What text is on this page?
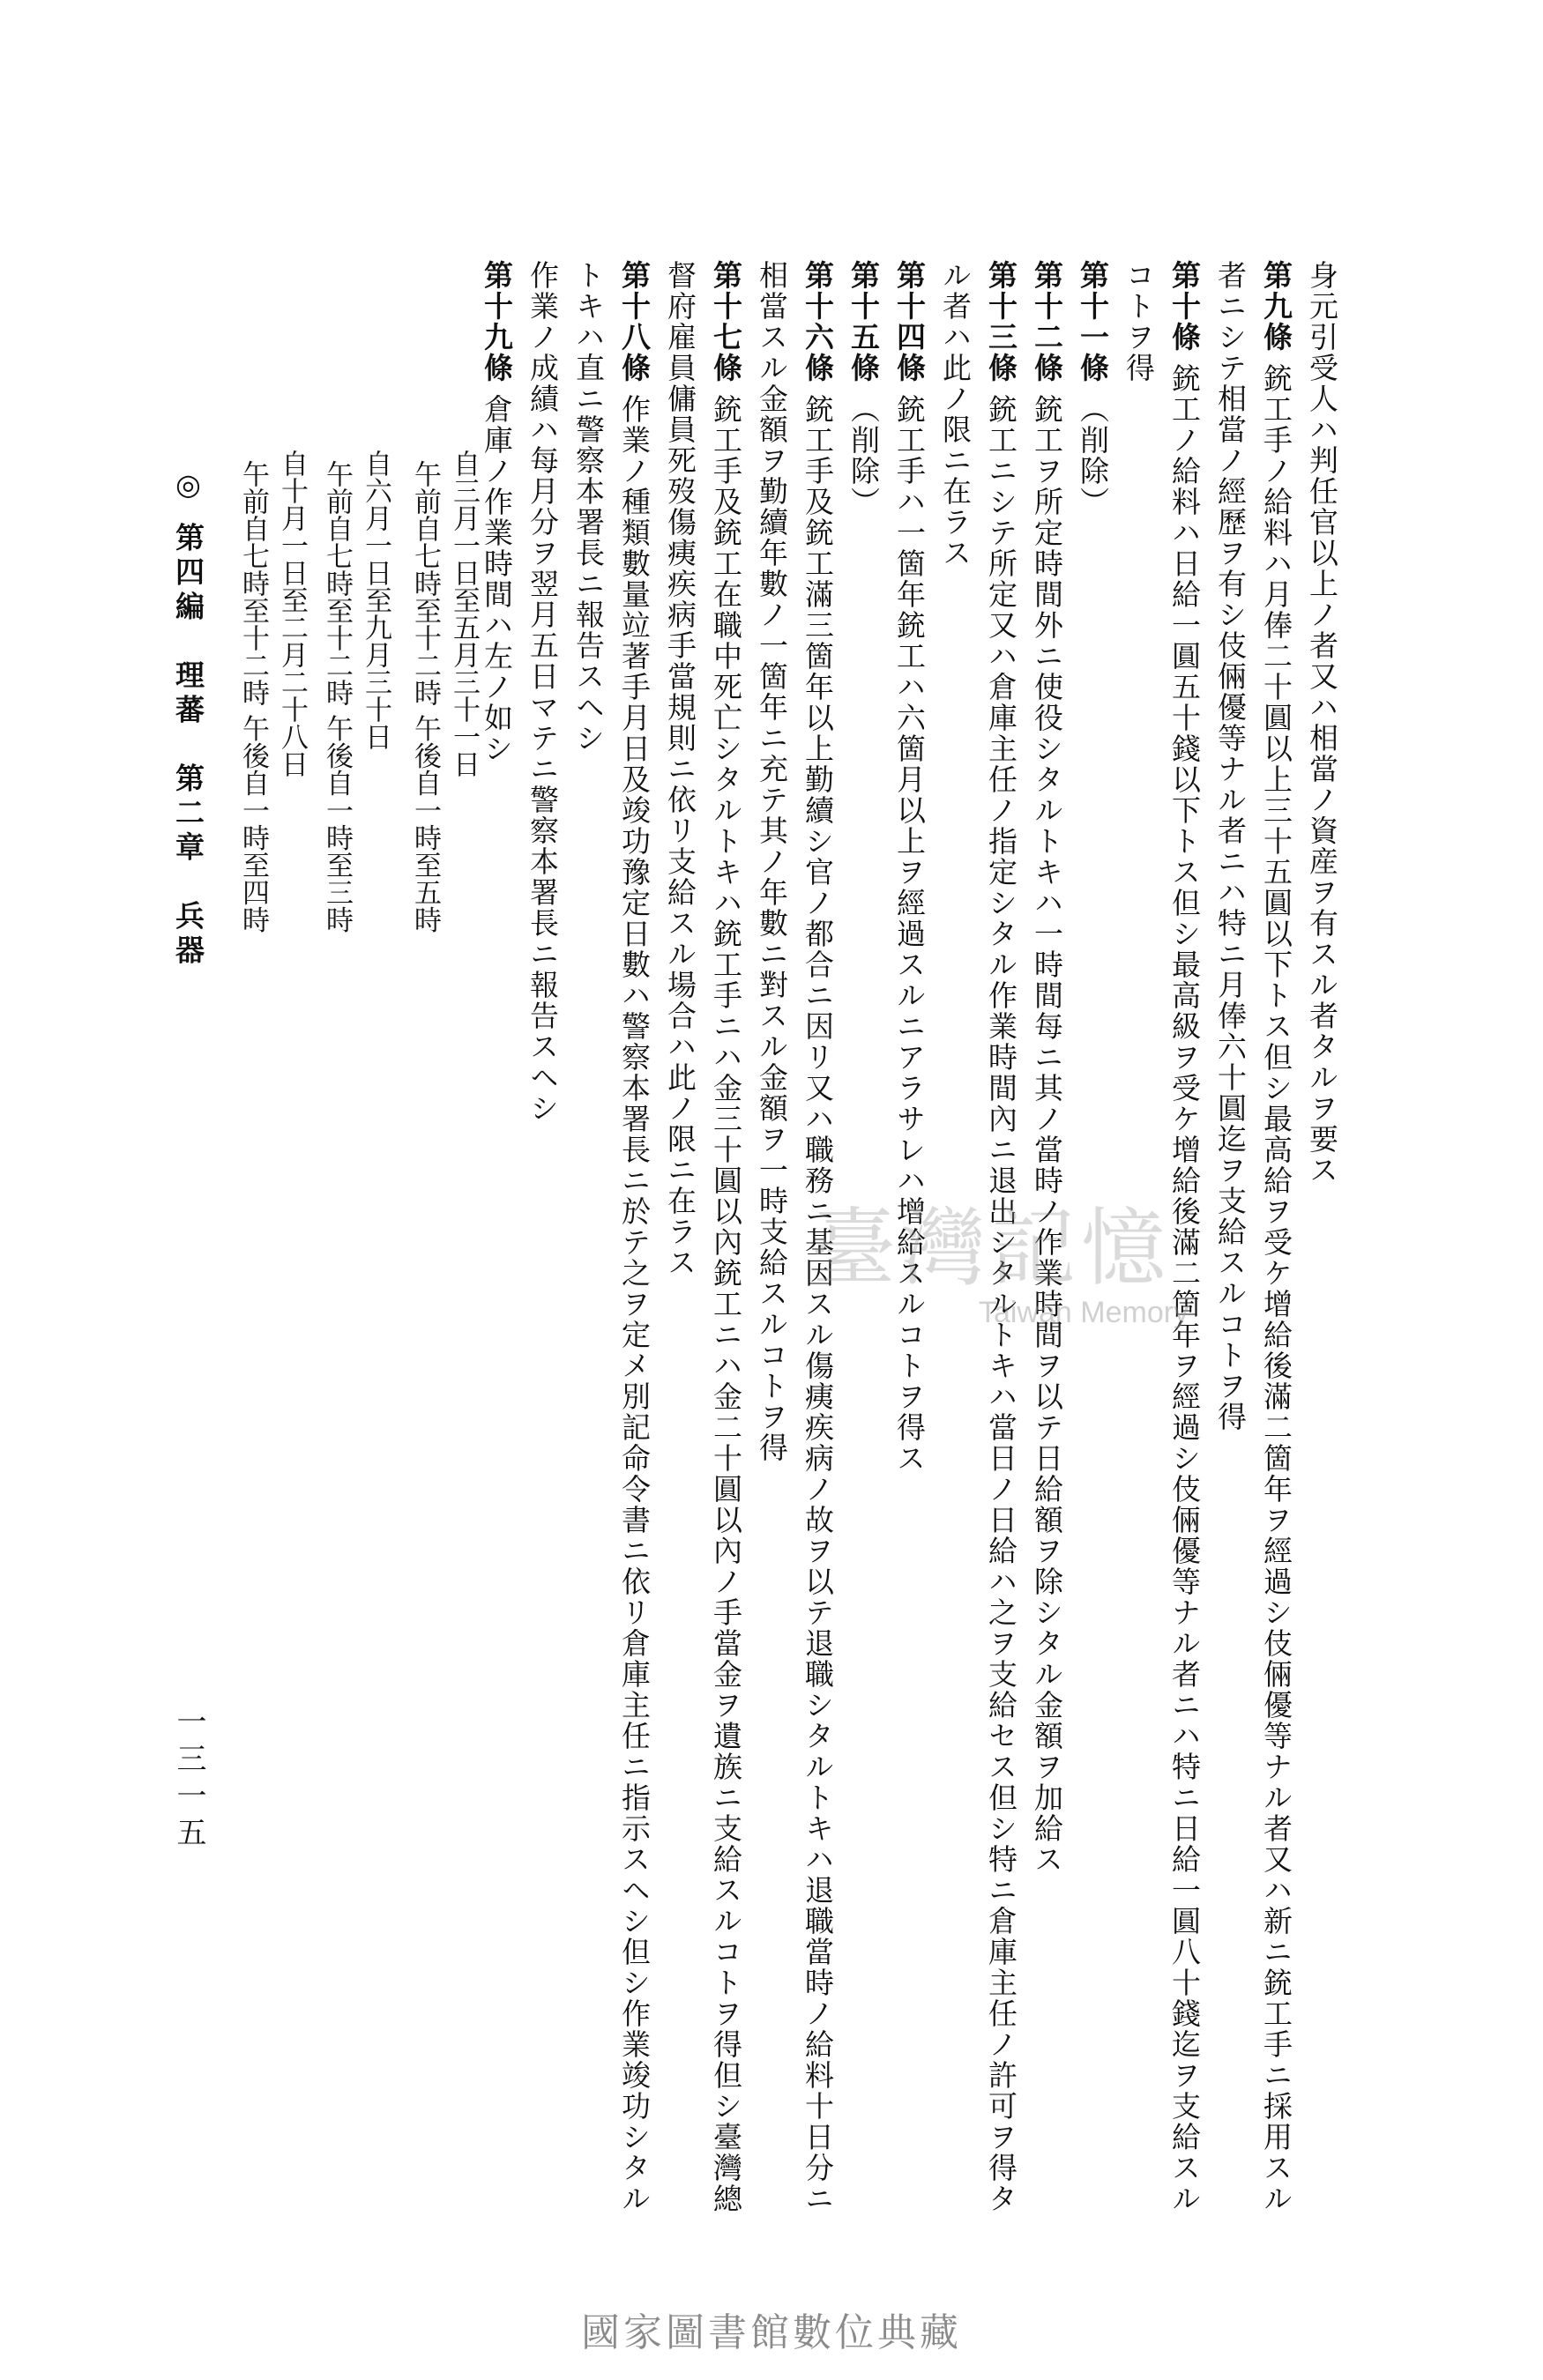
身元引受人ハ判任官以上ノ者又ハ相當ノ資産ヲ有スル者タルヲ要ス
第九條銃工手ノ給料ハ月俸二十圓以上三十五圓以下トス但シ最高給ヲ受ケ增給後滿二箇年ヲ經過シ伎倆優等ナル者又ハ新ニ銃工手ニ採用スル
者ニシテ相當ノ經歷ヲ有シ伎倆優等ナル者ニハ特ニ月俸六十圓迄ヲ支給スルコトヲ得
第十條銃工ノ給料ハ日給一圓五十錢以下トス但シ最高級ヲ受ケ增給後滿二箇年ヲ經過シ伎倆優等ナル者ニハ特ニ日給一圓八十錢迄ヲ支給スル
コトヲ得
第十一條（削除）
第十二條銃工ヲ所定時間外ニ使役シタルトキハ一時間每ニ其ノ當時ノ作業時間ヲ以テ日給額ヲ除シタル金額ヲ加給ス
第十三條銃工ニシテ所定又ハ倉庫主任ノ指定シタル作業時間內ニ退出シタルトキハ當日ノ日給ハ之ヲ支給セス但シ特ニ倉庫主任ノ許可ヲ得タ
ル者ハ此ノ限ニ在ラス
第十四條銃工手ハ一箇年銃工ハ六箇月以上ヲ經過スルニアラサレハ增給スルコトヲ得ス
第十五條（削除）
第十六條銃工手及銃工滿三箇年以上勤續シ官ノ都合ニ因リ又ハ職務ニ基因スル傷痍疾病ノ故ヲ以テ退職シタルトキハ退職當時ノ給料十日分ニ
相當スル金額ヲ勤續年數ノ一箇年ニ充テ其ノ年數ニ對スル金額ヲ一時支給スルコトヲ得
第十七條銃工手及銃工在職中死亡シタルトキハ銃工手ニハ金三十圓以內銃工ニハ金二十圓以內ノ手當金ヲ遺族ニ支給スルコトヲ得但シ臺灣總
督府雇員傭員死歿傷痍疾病手當規則ニ依リ支給スル場合ハ此ノ限ニ在ラス
第十八條作業ノ種類數量竝著手月日及竣功豫定日數ハ警察本署長ニ於テ之ヲ定メ別記命令書ニ依リ倉庫主任ニ指示スヘシ但シ作業竣功シタル
トキハ直ニ警察本署長ニ報告スヘシ
作業ノ成績ハ每月分ヲ翌月五日マテニ警察本署長ニ報告スヘシ
第十九條倉庫ノ作業時間ハ左ノ如シ
自三月一日至五月三十一日
午前自七時至十二時 午後自一時至五時
自六月一日至九月三十日
午前自七時至十二時 午後自一時至三時
自十月一日至二月二十八日
午前自七時至十二時 午後自一時至四時
◎ 第四編　理蕃　第二章　兵器
一三一五
臺灣記憶
Taiwan Memory
國家圖書館數位典藏
